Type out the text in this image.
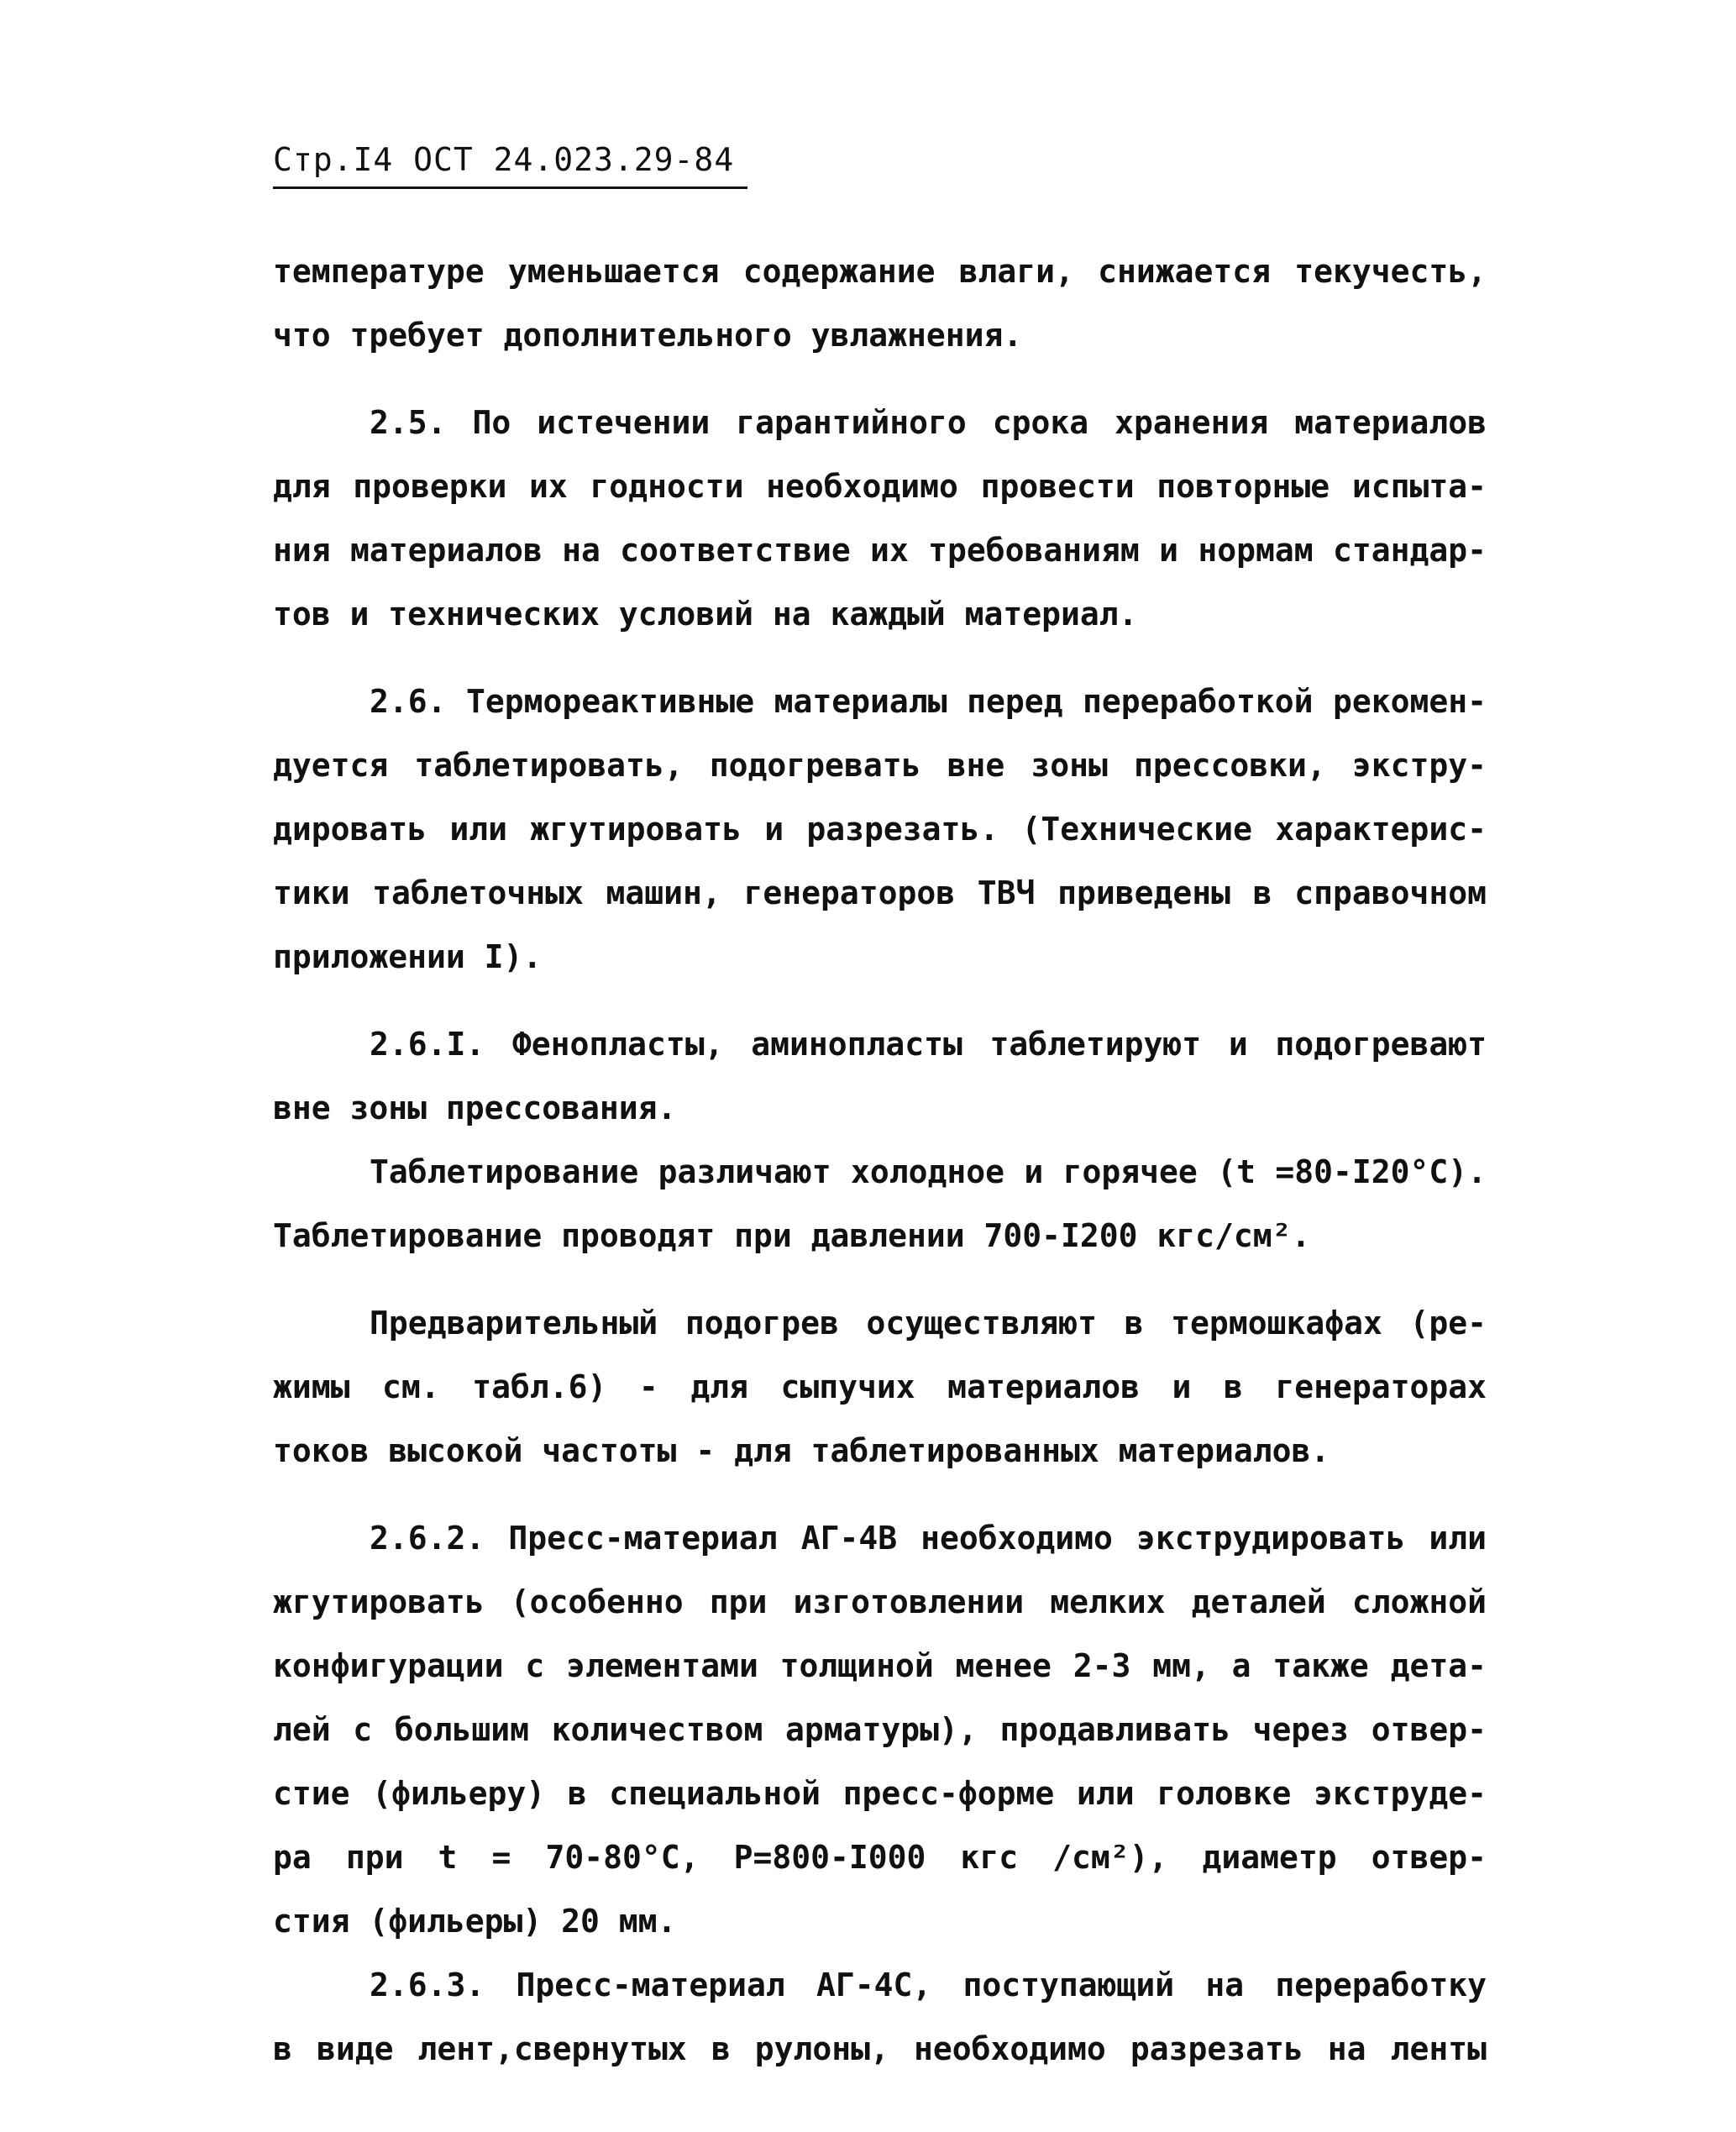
Стр.I4 ОСТ 24.023.29-84
температуре уменьшается содержание влаги, снижается текучесть,
что требует дополнительного увлажнения.
2.5. По истечении гарантийного срока хранения материалов
для проверки их годности необходимо провести повторные испыта-
ния материалов на соответствие их требованиям и нормам стандар-
тов и технических условий на каждый материал.
2.6. Термореактивные материалы перед переработкой рекомен-
дуется таблетировать, подогревать вне зоны прессовки, экстру-
дировать или жгутировать и разрезать. (Технические характерис-
тики таблеточных машин, генераторов ТВЧ приведены в справочном
приложении I).
2.6.I. Фенопласты, аминопласты таблетируют и подогревают
вне зоны прессования.
Таблетирование различают холодное и горячее (t =80-I20°C).
Таблетирование проводят при давлении 700-I200 кгс/см².
Предварительный подогрев осуществляют в термошкафах (ре-
жимы см. табл.6) - для сыпучих материалов и в генераторах
токов высокой частоты - для таблетированных материалов.
2.6.2. Пресс-материал АГ-4В необходимо экструдировать или
жгутировать (особенно при изготовлении мелких деталей сложной
конфигурации с элементами толщиной менее 2-3 мм, а также дета-
лей с большим количеством арматуры), продавливать через отвер-
стие (фильеру) в специальной пресс-форме или головке экструде-
ра при t = 70-80°C, P=800-I000 кгс /см²), диаметр отвер-
стия (фильеры) 20 мм.
2.6.3. Пресс-материал АГ-4С, поступающий на переработку
в виде лент,свернутых в рулоны, необходимо разрезать на ленты
